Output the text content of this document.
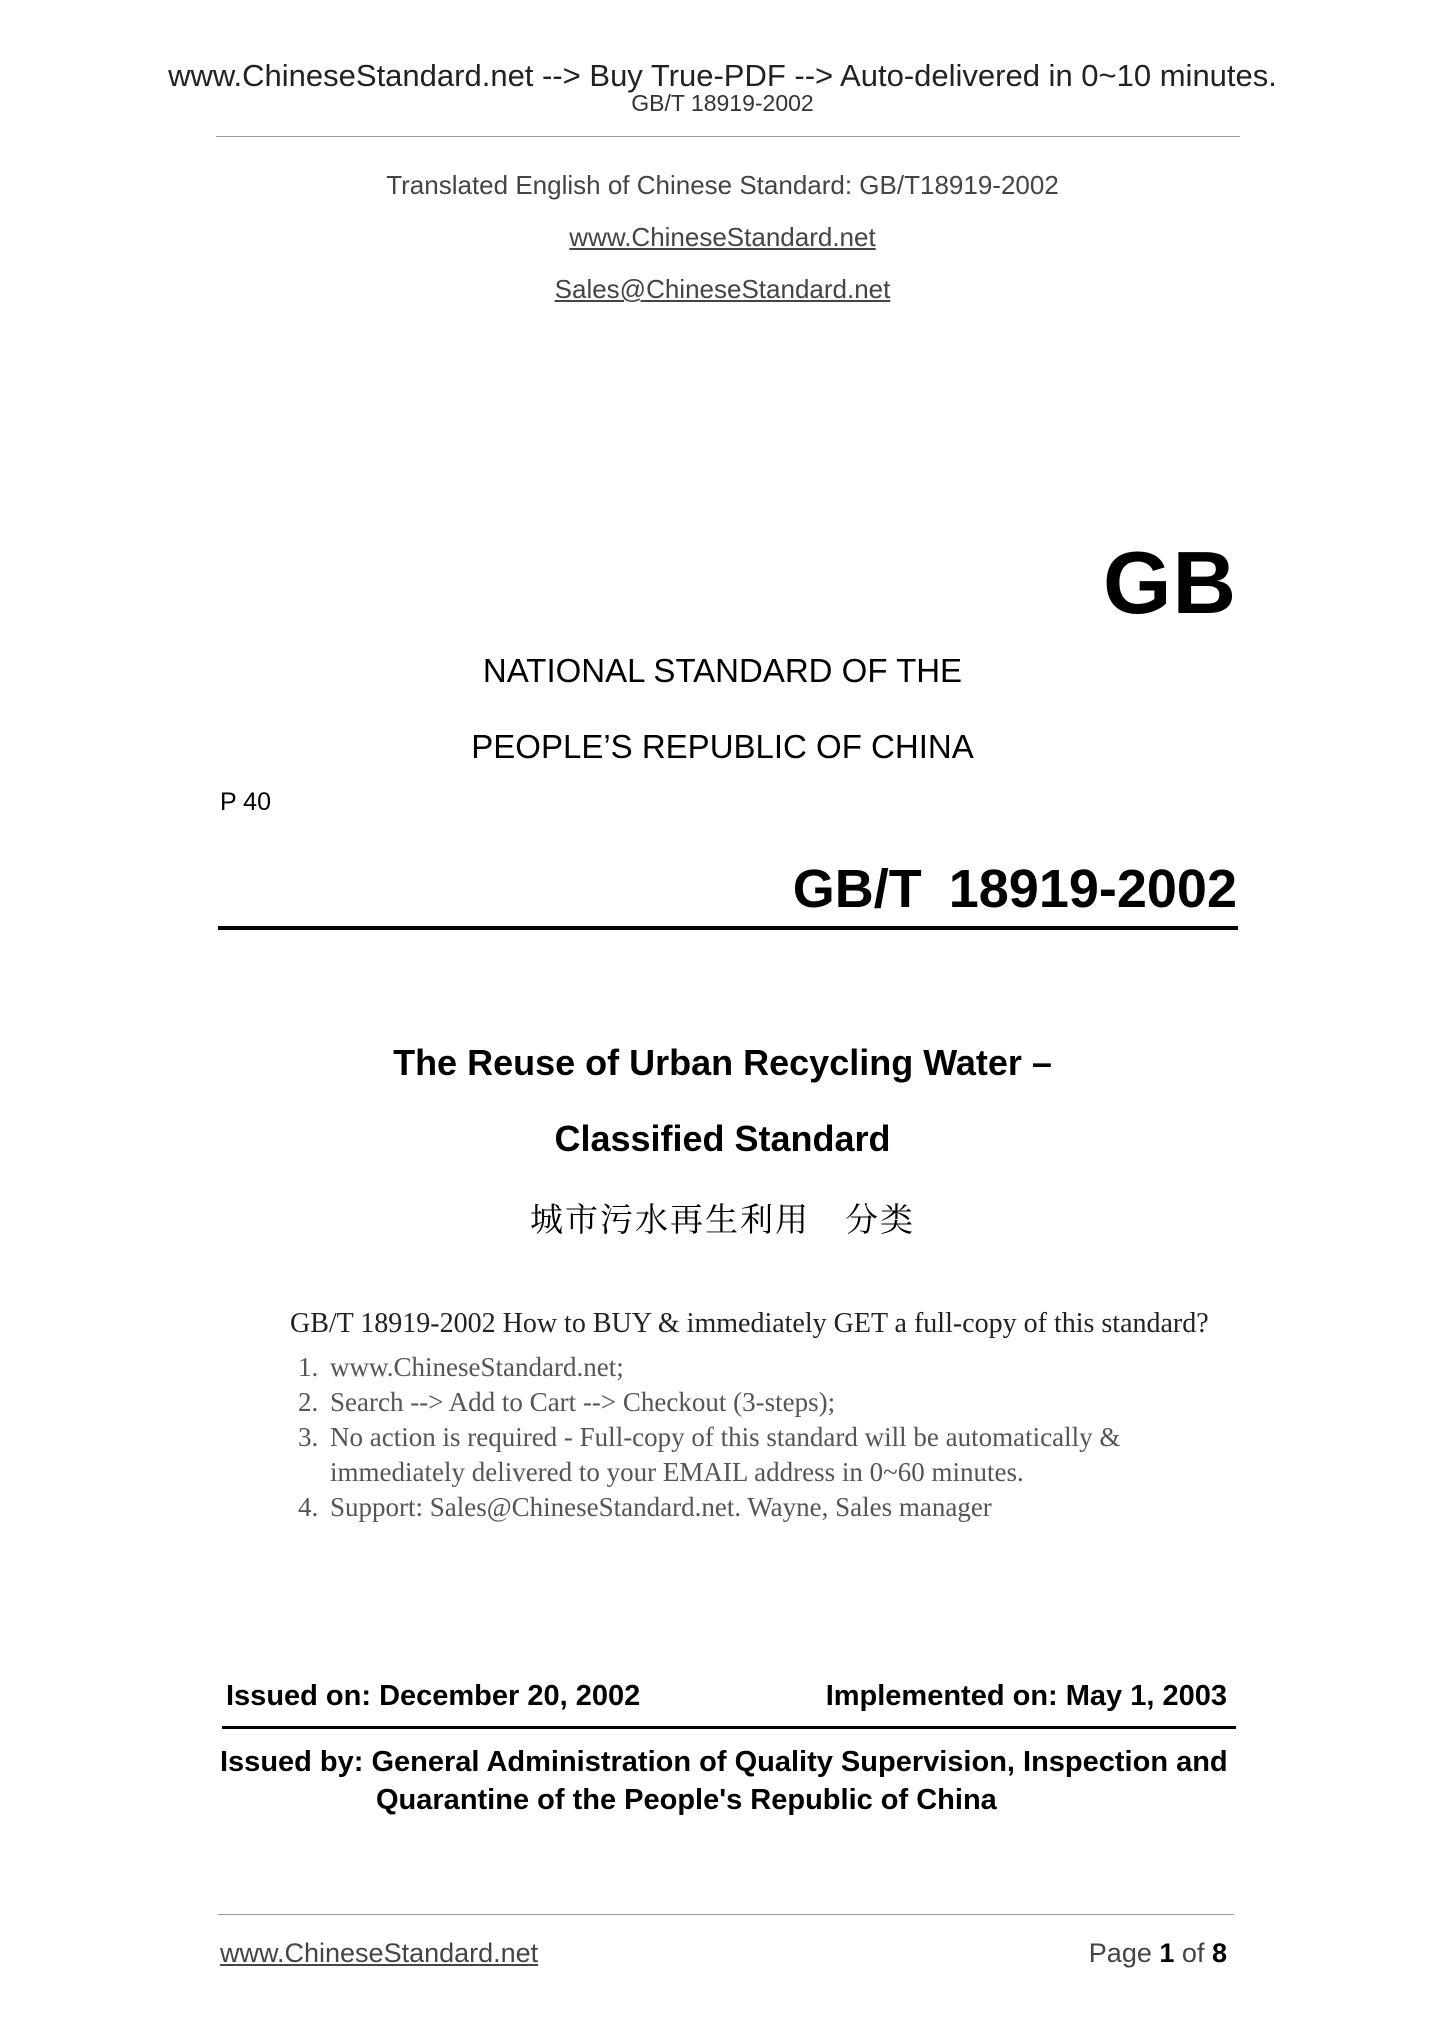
www.ChineseStandard.net --> Buy True-PDF --> Auto-delivered in 0~10 minutes.
GB/T 18919-2002
Translated English of Chinese Standard: GB/T18919-2002
www.ChineseStandard.net
Sales@ChineseStandard.net
GB
NATIONAL STANDARD OF THE
PEOPLE’S REPUBLIC OF CHINA
P 40
GB/T 18919-2002
The Reuse of Urban Recycling Water –
Classified Standard
城市污水再生利用　分类
GB/T 18919-2002 How to BUY & immediately GET a full-copy of this standard?
1. www.ChineseStandard.net;
2. Search --> Add to Cart --> Checkout (3-steps);
3. No action is required - Full-copy of this standard will be automatically &
immediately delivered to your EMAIL address in 0~60 minutes.
4. Support: Sales@ChineseStandard.net. Wayne, Sales manager
Issued on: December 20, 2002	Implemented on: May 1, 2003
Issued by: General Administration of Quality Supervision, Inspection and
Quarantine of the People's Republic of China
www.ChineseStandard.net	Page 1 of 8
